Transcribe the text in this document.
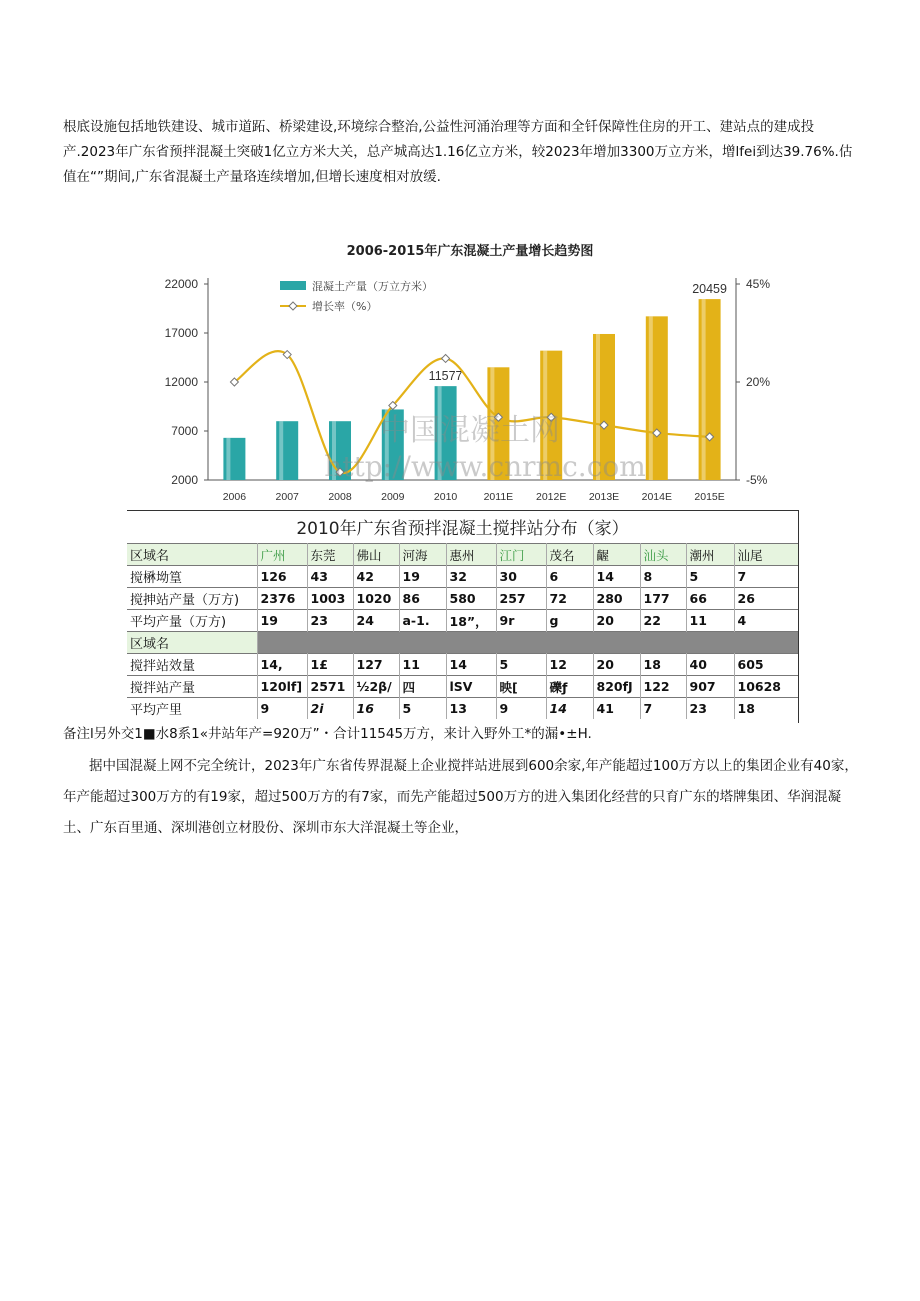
根底设施包括地铁建设、城市道跖、桥梁建设,环境综合整治,公益性河涌治理等方面和全钎保障性住房的开工、建站点的建成投产.2023年广东省预拌混凝土突破1亿立方米大关，总产城高达1.16亿立方米，较2023年增加3300万立方米，增lfei到达39.76%.估值在“”期间,广东省混凝土产量珞连续增加,但增长速度相对放缓.

2006-2015年广东混凝土产量增长趋势图
2000
7000
12000
17000
22000
-5%
20%
45%
2006	2007	2008	2009	2010
11577
2011E 2012E 2013E 2014E 2015E
20459
混凝土产量（万立方米）
增长率（%）
中国混凝土网
http://www.cnrmc.com
2010年广东省预拌混凝土搅拌站分布（家）
区域名	广州	东莞	佛山	河海	惠州	江门	茂名	齷	汕头	潮州	汕尾
搅楙坳篁	126	43	42	19	32	30	6	14	8	5	7
搅抻站产量（万方)	2376	1003	1020	86	580	257	72	280	177	66	26
平均产量（万方)	19	23	24	a-1.	18”，	9r	g	20	22	11	4
区域名											
搅拌站效量	14,	1£	127	11	14	5	12	20	18	40	605
搅拌站产量	120lf]	2571	½2β/	四	lSV	映[	礫ƒ	820fJ	122	907	10628
平均产里	9	2i	16	5	13	9	14	41	7	23	18

备注l另外交1■水8系1«井站年产=920万”・合计11545万方，来计入野外工*的漏•±H.

据中国混凝上网不完全统计，2023年广东省传界混凝上企业搅拌站进展到600余家,年产能超过100万方以上的集团企业有40家，年产能超过300万方的有19家，超过500万方的有7家，而先产能超过500万方的进入集团化经营的只育广东的塔牌集团、华润混凝土、广东百里通、深圳港创立材股份、深圳市东大洋混凝土等企业，
